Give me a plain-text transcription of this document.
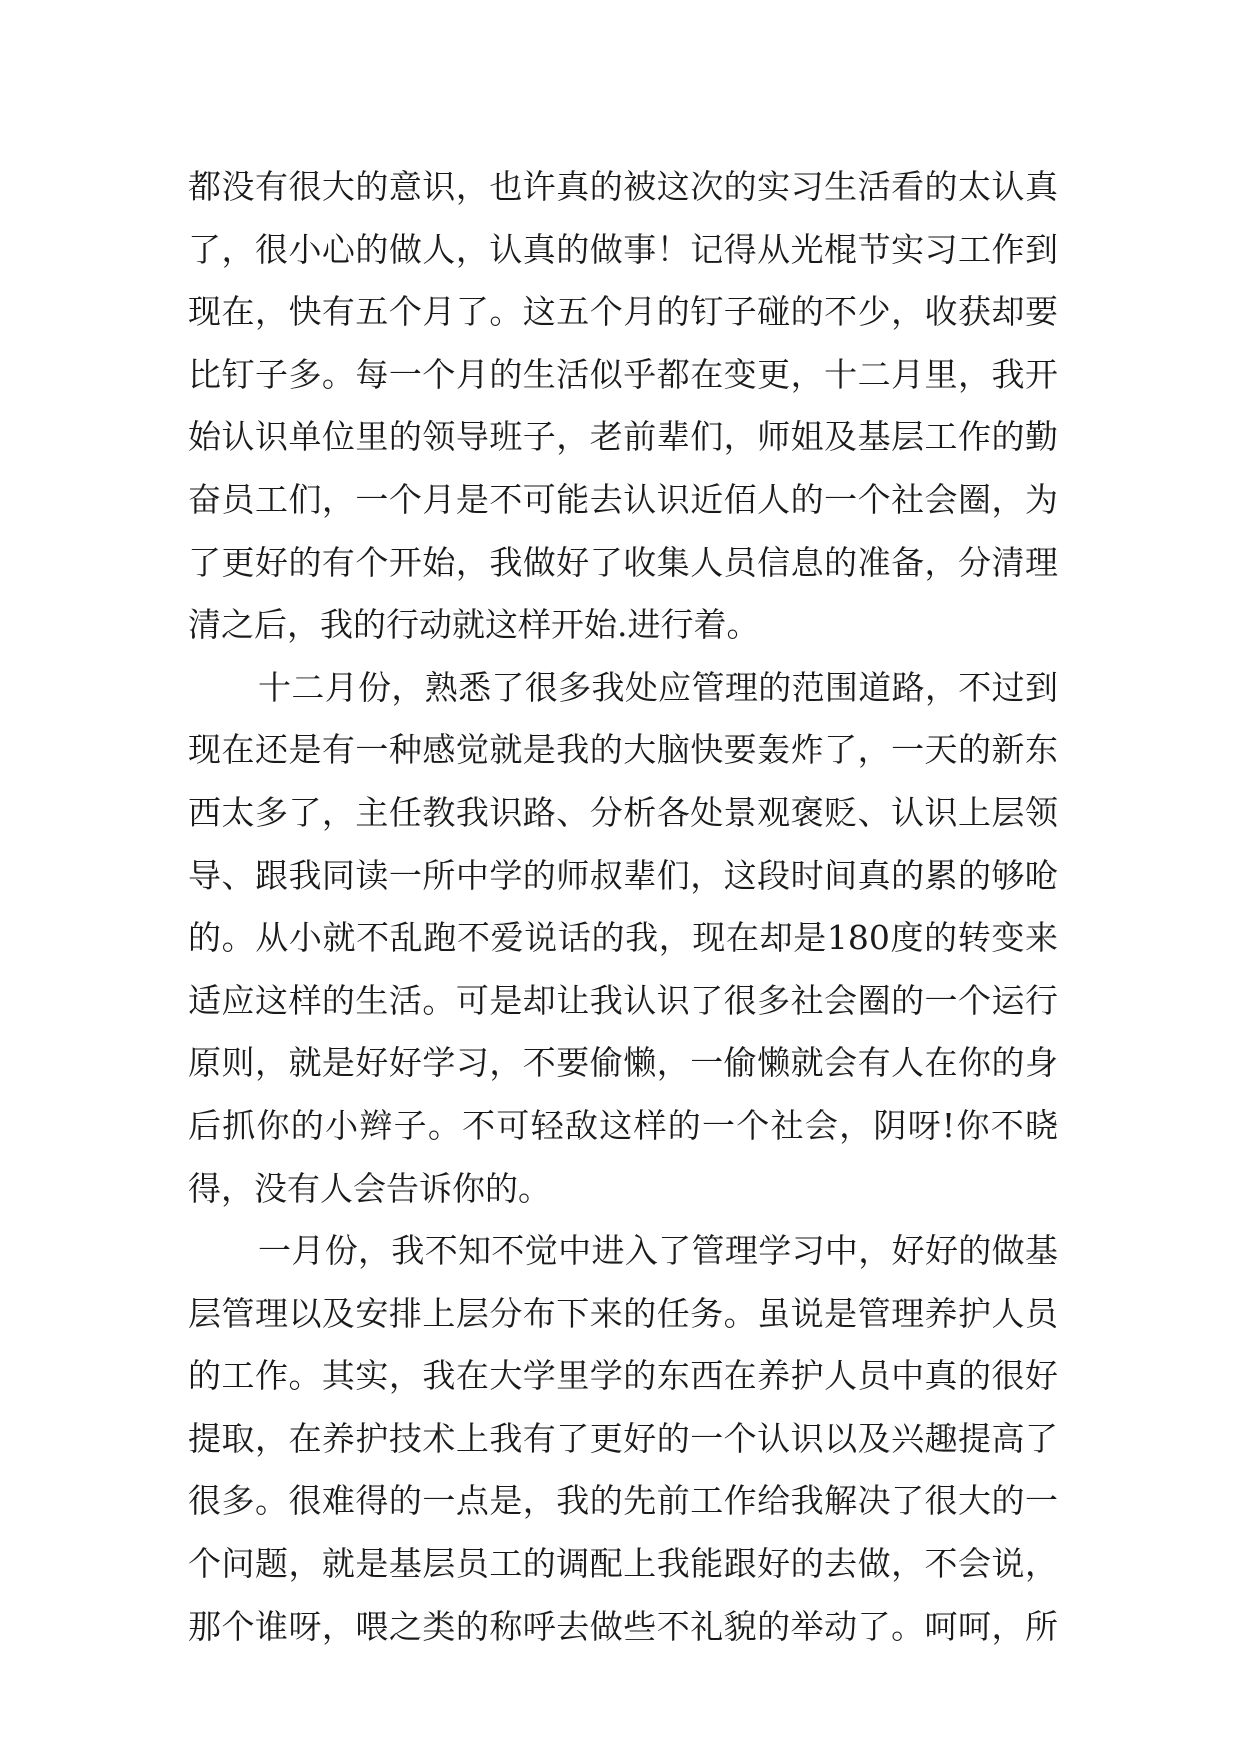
都没有很大的意识，也许真的被这次的实习生活看的太认真
了，很小心的做人，认真的做事！记得从光棍节实习工作到
现在，快有五个月了。这五个月的钉子碰的不少，收获却要
比钉子多。每一个月的生活似乎都在变更，十二月里，我开
始认识单位里的领导班子，老前辈们，师姐及基层工作的勤
奋员工们，一个月是不可能去认识近佰人的一个社会圈，为
了更好的有个开始，我做好了收集人员信息的准备，分清理
清之后，我的行动就这样开始.进行着。
十二月份，熟悉了很多我处应管理的范围道路，不过到
现在还是有一种感觉就是我的大脑快要轰炸了，一天的新东
西太多了，主任教我识路、分析各处景观褒贬、认识上层领
导、跟我同读一所中学的师叔辈们，这段时间真的累的够呛
的。从小就不乱跑不爱说话的我，现在却是180度的转变来
适应这样的生活。可是却让我认识了很多社会圈的一个运行
原则，就是好好学习，不要偷懒，一偷懒就会有人在你的身
后抓你的小辫子。不可轻敌这样的一个社会，阴呀!你不晓
得，没有人会告诉你的。
一月份，我不知不觉中进入了管理学习中，好好的做基
层管理以及安排上层分布下来的任务。虽说是管理养护人员
的工作。其实，我在大学里学的东西在养护人员中真的很好
提取，在养护技术上我有了更好的一个认识以及兴趣提高了
很多。很难得的一点是，我的先前工作给我解决了很大的一
个问题，就是基层员工的调配上我能跟好的去做，不会说，
那个谁呀，喂之类的称呼去做些不礼貌的举动了。呵呵，所
